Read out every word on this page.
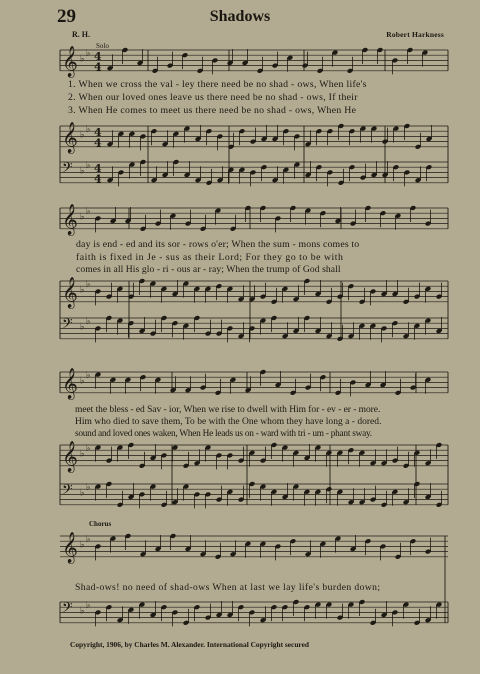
𝄞 ♭ ♭ 4
4
𝄞 ♭ ♭ 4
4
𝄢 ♭ ♭ 4
4
𝄞 ♭ ♭
𝄞 ♭ ♭
𝄢 ♭ ♭
𝄞 ♭ ♭
𝄞 ♭ ♭
𝄢 ♭ ♭
𝄞 ♭ ♭
𝄢 ♭ ♭
29	Shadows
R. H.	Robert Harkness
Solo
Chorus
1. When we cross the val - ley there need be no shad - ows, When life's
2. When our loved ones leave us there need be no shad - ows, If their
3. When He comes to meet us there need be no shad - ows, When He
day is end - ed and its sor - rows o'er; When the sum - mons comes to
faith is fixed in Je - sus as their Lord; For they go to be with
comes in all His glo - ri - ous ar - ray; When the trump of God shall
meet the bless - ed Sav - ior, When we rise to dwell with Him for - ev - er - more.
Him who died to save them, To be with the One whom they have long a - dored.
sound and loved ones waken, When He leads us on - ward with tri - um - phant sway.
Shad-ows! no need of shad-ows When at last we lay life's burden down;
Copyright, 1906, by Charles M. Alexander. International Copyright secured
